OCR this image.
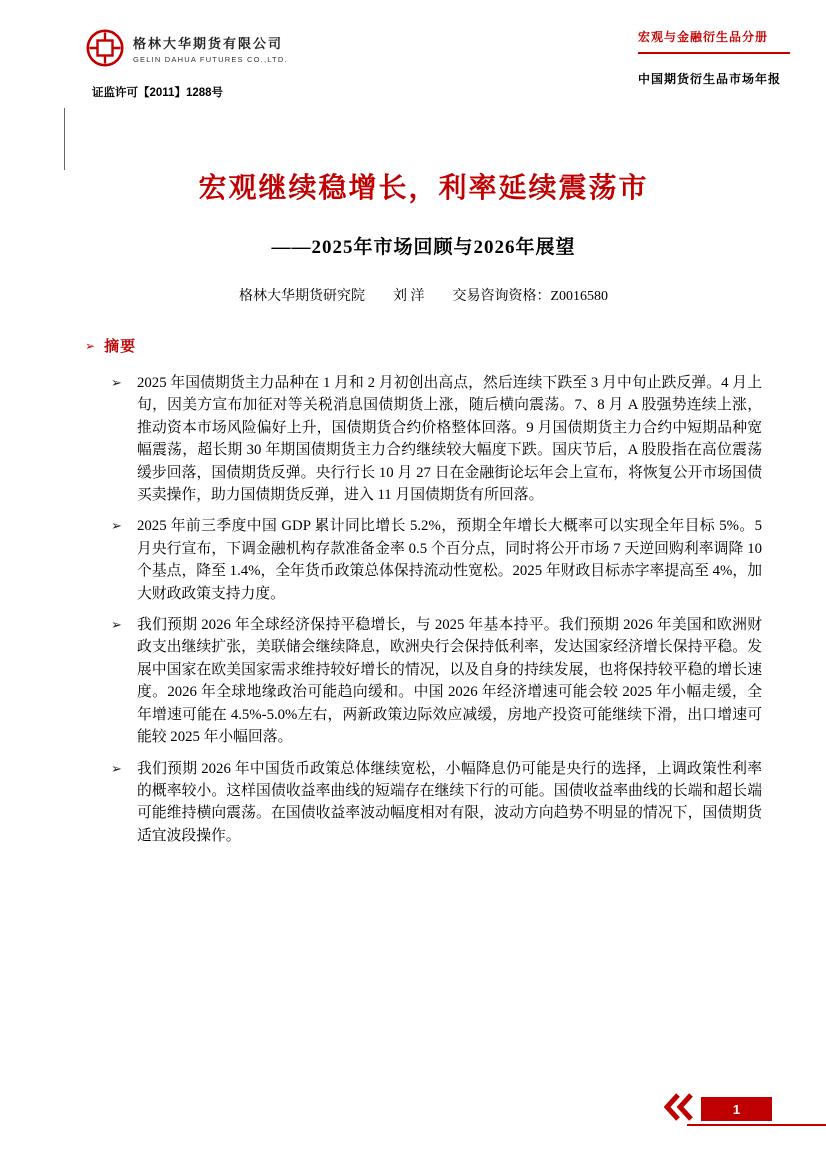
格林大华期货有限公司
GELIN DAHUA FUTURES CO.,LTD.
证监许可【2011】1288号
宏观与金融衍生品分册
中国期货衍生品市场年报
宏观继续稳增长，利率延续震荡市
——2025年市场回顾与2026年展望
格林大华期货研究院 刘 洋 交易咨询资格：Z0016580
➢ 摘要
➢ 2025 年国债期货主力品种在 1 月和 2 月初创出高点，然后连续下跌至 3 月中旬止跌反弹。4 月上旬，因美方宣布加征对等关税消息国债期货上涨，随后横向震荡。7、8 月 A 股强势连续上涨，推动资本市场风险偏好上升，国债期货合约价格整体回落。9 月国债期货主力合约中短期品种宽幅震荡，超长期 30 年期国债期货主力合约继续较大幅度下跌。国庆节后，A 股股指在高位震荡缓步回落，国债期货反弹。央行行长 10 月 27 日在金融街论坛年会上宣布，将恢复公开市场国债买卖操作，助力国债期货反弹，进入 11 月国债期货有所回落。
➢ 2025 年前三季度中国 GDP 累计同比增长 5.2%，预期全年增长大概率可以实现全年目标 5%。5 月央行宣布，下调金融机构存款准备金率 0.5 个百分点，同时将公开市场 7 天逆回购利率调降 10 个基点，降至 1.4%，全年货币政策总体保持流动性宽松。2025 年财政目标赤字率提高至 4%，加大财政政策支持力度。
➢ 我们预期 2026 年全球经济保持平稳增长，与 2025 年基本持平。我们预期 2026 年美国和欧洲财政支出继续扩张，美联储会继续降息，欧洲央行会保持低利率，发达国家经济增长保持平稳。发展中国家在欧美国家需求维持较好增长的情况，以及自身的持续发展，也将保持较平稳的增长速度。2026 年全球地缘政治可能趋向缓和。中国 2026 年经济增速可能会较 2025 年小幅走缓，全年增速可能在 4.5%-5.0%左右，两新政策边际效应减缓，房地产投资可能继续下滑，出口增速可能较 2025 年小幅回落。
➢ 我们预期 2026 年中国货币政策总体继续宽松，小幅降息仍可能是央行的选择，上调政策性利率的概率较小。这样国债收益率曲线的短端存在继续下行的可能。国债收益率曲线的长端和超长端可能维持横向震荡。在国债收益率波动幅度相对有限，波动方向趋势不明显的情况下，国债期货适宜波段操作。
1
